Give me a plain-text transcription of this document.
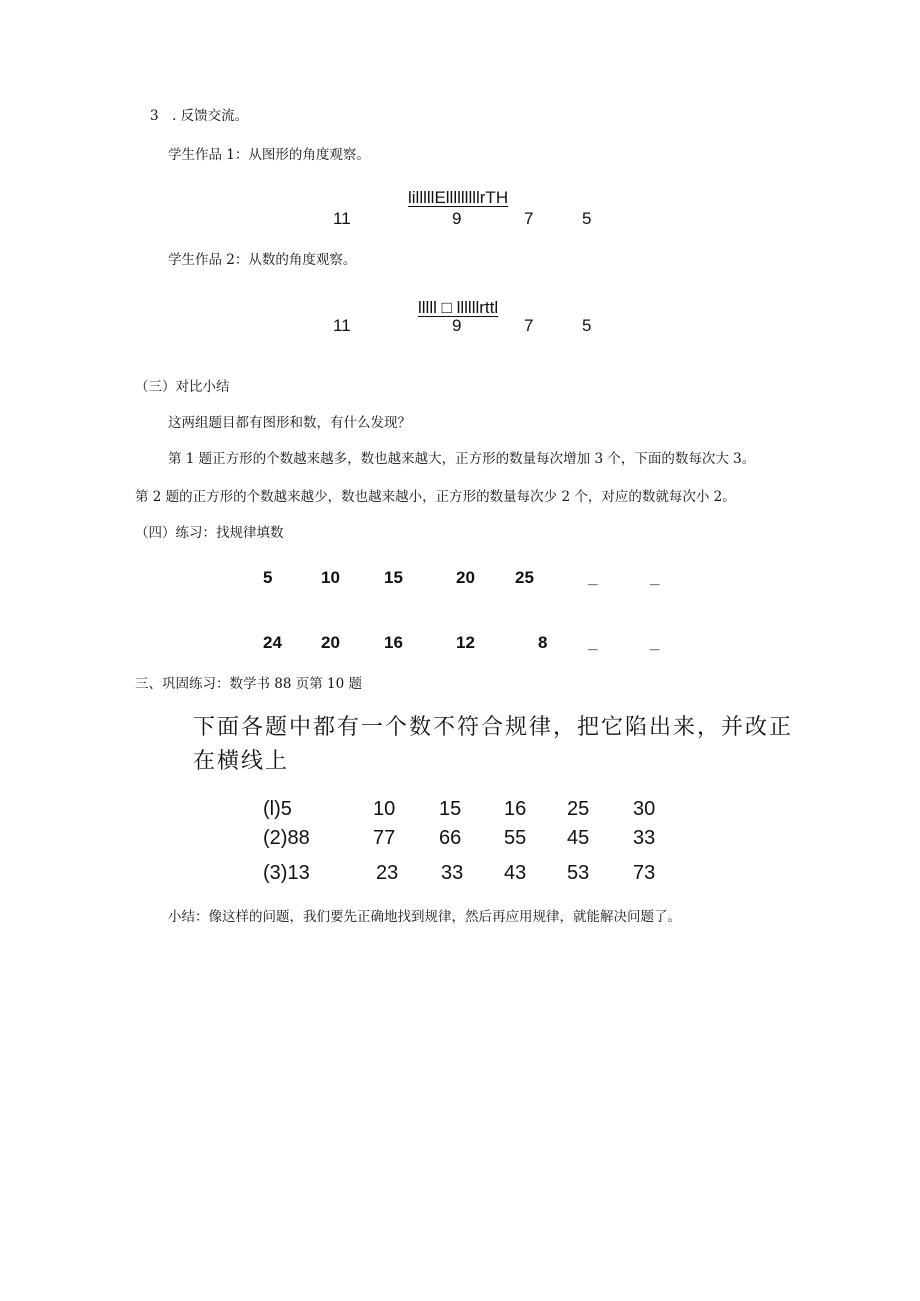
3　. 反馈交流。
学生作品 1：从图形的角度观察。
lilllllElllllllllrTH
11	9	7	5
学生作品 2：从数的角度观察。
lllll □ llllllrttl
11	9	7	5
（三）对比小结
这两组题目都有图形和数，有什么发现？
第 1 题正方形的个数越来越多，数也越来越大，正方形的数量每次增加 3 个，下面的数每次大 3。
第 2 题的正方形的个数越来越少，数也越来越小，正方形的数量每次少 2 个，对应的数就每次小 2。
（四）练习：找规律填数
5	10	15	20 25	_	_
24 20	16	12	8 _	_
三、巩固练习：数学书 88 页第 10 题
下面各题中都有一个数不符合规律，把它陷出来，并改正
在横线上
(l)5	10 15 16 25 30
(2)88	77 66 55 45 33
(3)13	23 33 43 53 73
小结：像这样的问题，我们要先正确地找到规律，然后再应用规律，就能解决问题了。
